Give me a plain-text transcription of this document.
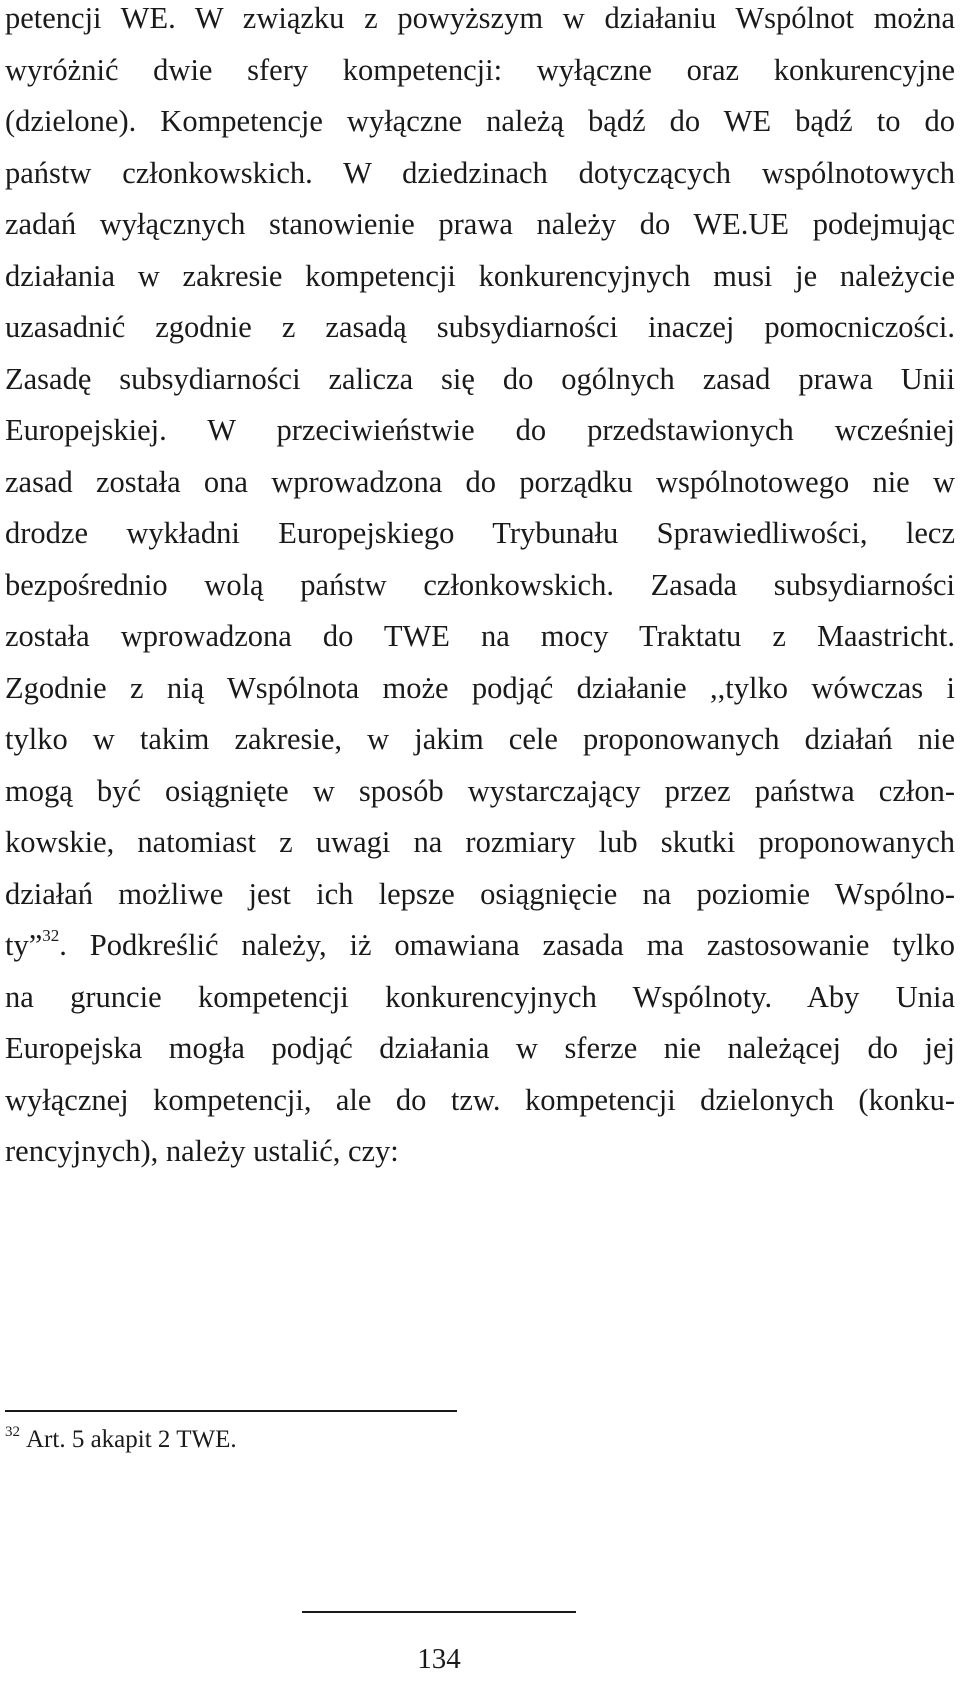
petencji WE. W związku z powyższym w działaniu Wspólnot można
wyróżnić dwie sfery kompetencji: wyłączne oraz konkurencyjne
(dzielone). Kompetencje wyłączne należą bądź do WE bądź to do
państw członkowskich. W dziedzinach dotyczących wspólnotowych
zadań wyłącznych stanowienie prawa należy do WE.UE podejmując
działania w zakresie kompetencji konkurencyjnych musi je należycie
uzasadnić zgodnie z zasadą subsydiarności inaczej pomocniczości.
Zasadę subsydiarności zalicza się do ogólnych zasad prawa Unii
Europejskiej. W przeciwieństwie do przedstawionych wcześniej
zasad została ona wprowadzona do porządku wspólnotowego nie w
drodze wykładni Europejskiego Trybunału Sprawiedliwości, lecz
bezpośrednio wolą państw członkowskich. Zasada subsydiarności
została wprowadzona do TWE na mocy Traktatu z Maastricht.
Zgodnie z nią Wspólnota może podjąć działanie ,,tylko wówczas i
tylko w takim zakresie, w jakim cele proponowanych działań nie
mogą być osiągnięte w sposób wystarczający przez państwa człon-
kowskie, natomiast z uwagi na rozmiary lub skutki proponowanych
działań możliwe jest ich lepsze osiągnięcie na poziomie Wspólno-
ty”$^{32}$. Podkreślić należy, iż omawiana zasada ma zastosowanie tylko
na gruncie kompetencji konkurencyjnych Wspólnoty. Aby Unia
Europejska mogła podjąć działania w sferze nie należącej do jej
wyłącznej kompetencji, ale do tzw. kompetencji dzielonych (konku-
rencyjnych), należy ustalić, czy:
$^{32}$ Art. 5 akapit 2 TWE.
134
